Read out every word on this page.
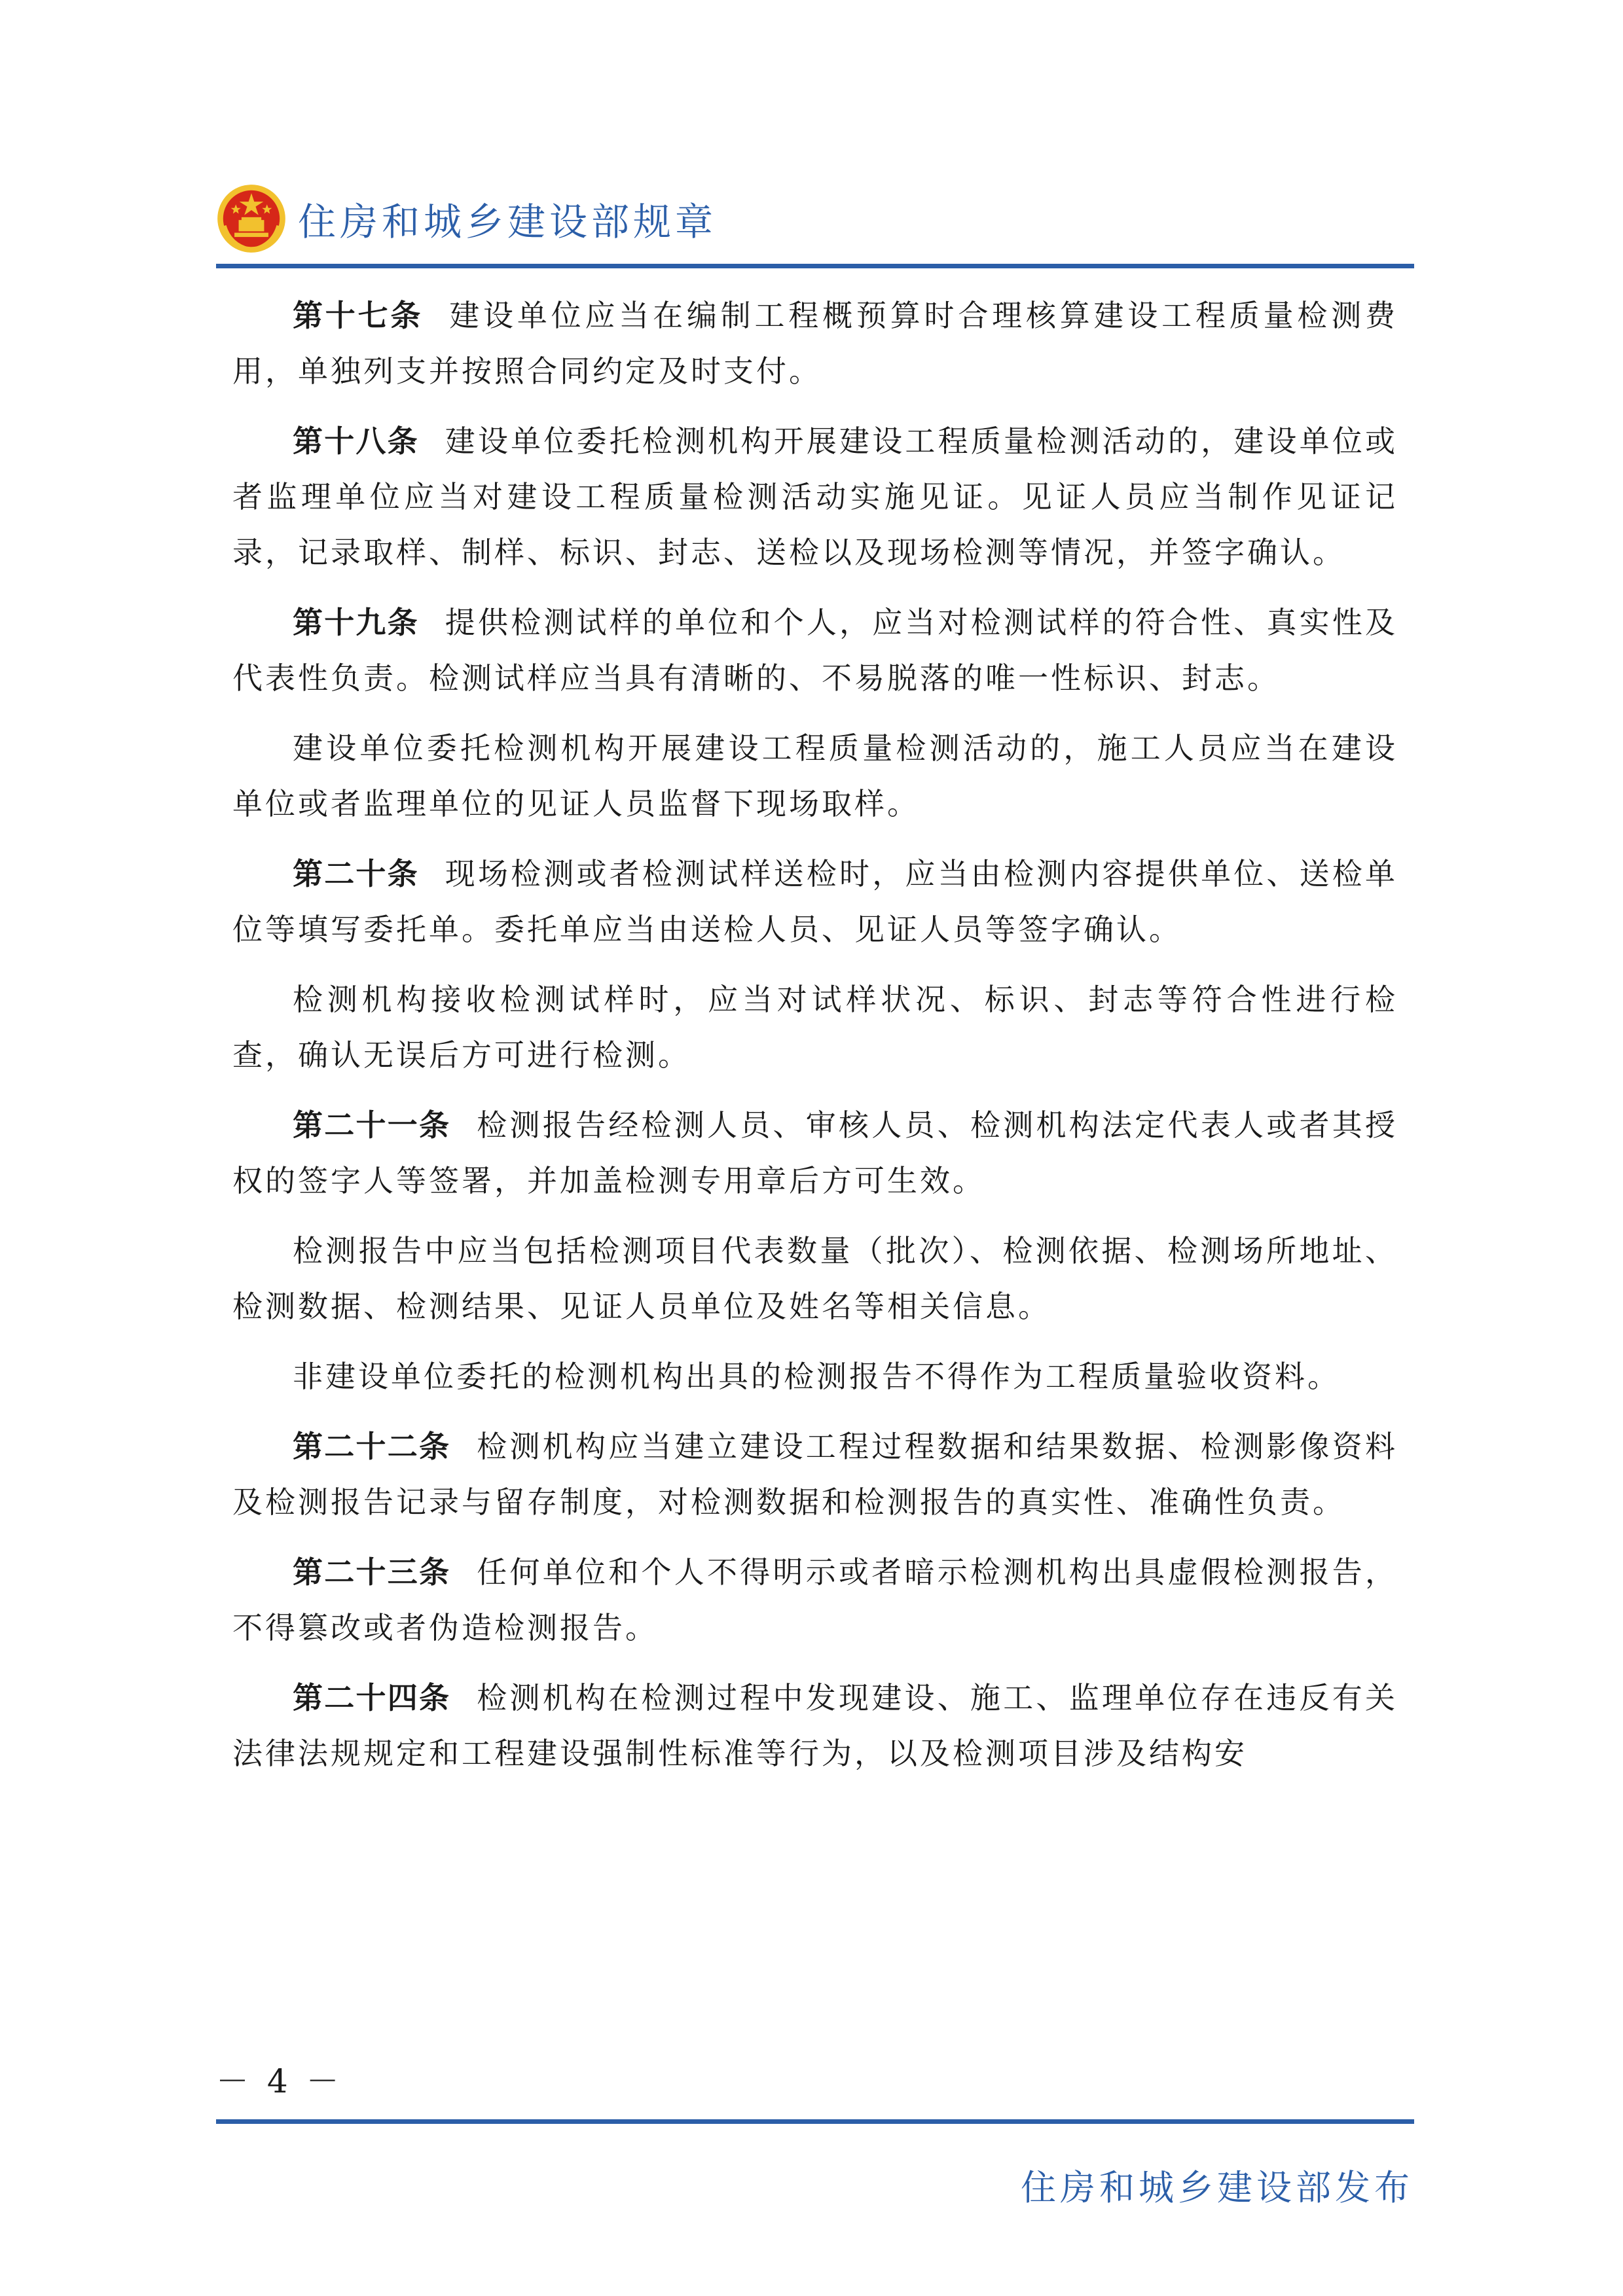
住房和城乡建设部规章

第十七条 建设单位应当在编制工程概预算时合理核算建设工程质量检测费用，单独列支并按照合同约定及时支付。

第十八条 建设单位委托检测机构开展建设工程质量检测活动的，建设单位或者监理单位应当对建设工程质量检测活动实施见证。见证人员应当制作见证记录，记录取样、制样、标识、封志、送检以及现场检测等情况，并签字确认。

第十九条 提供检测试样的单位和个人，应当对检测试样的符合性、真实性及代表性负责。检测试样应当具有清晰的、不易脱落的唯一性标识、封志。

建设单位委托检测机构开展建设工程质量检测活动的，施工人员应当在建设单位或者监理单位的见证人员监督下现场取样。

第二十条 现场检测或者检测试样送检时，应当由检测内容提供单位、送检单位等填写委托单。委托单应当由送检人员、见证人员等签字确认。

检测机构接收检测试样时，应当对试样状况、标识、封志等符合性进行检查，确认无误后方可进行检测。

第二十一条 检测报告经检测人员、审核人员、检测机构法定代表人或者其授权的签字人等签署，并加盖检测专用章后方可生效。

检测报告中应当包括检测项目代表数量（批次）、检测依据、检测场所地址、检测数据、检测结果、见证人员单位及姓名等相关信息。

非建设单位委托的检测机构出具的检测报告不得作为工程质量验收资料。

第二十二条 检测机构应当建立建设工程过程数据和结果数据、检测影像资料及检测报告记录与留存制度，对检测数据和检测报告的真实性、准确性负责。

第二十三条 任何单位和个人不得明示或者暗示检测机构出具虚假检测报告，不得篡改或者伪造检测报告。

第二十四条 检测机构在检测过程中发现建设、施工、监理单位存在违反有关法律法规规定和工程建设强制性标准等行为，以及检测项目涉及结构安

－ 4 －
住房和城乡建设部发布
